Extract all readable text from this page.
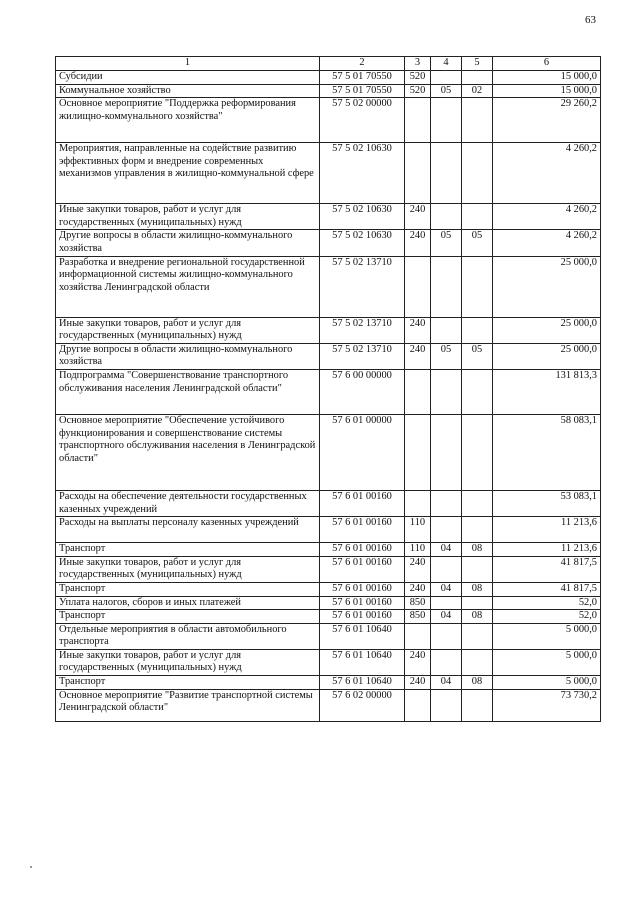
63
1	2	3	4	5	6
Субсидии	57 5 01 70550	520			15 000,0
Коммунальное хозяйство	57 5 01 70550	520	05	02	15 000,0
Основное мероприятие "Поддержка реформирования жилищно-коммунального хозяйства"	57 5 02 00000				29 260,2
Мероприятия, направленные на содействие развитию эффективных форм и внедрение современных механизмов управления в жилищно-коммунальной сфере	57 5 02 10630				4 260,2
Иные закупки товаров, работ и услуг для государственных (муниципальных) нужд	57 5 02 10630	240			4 260,2
Другие вопросы в области жилищно-коммунального хозяйства	57 5 02 10630	240	05	05	4 260,2
Разработка и внедрение региональной государственной информационной системы жилищно-коммунального хозяйства Ленинградской области	57 5 02 13710				25 000,0
Иные закупки товаров, работ и услуг для государственных (муниципальных) нужд	57 5 02 13710	240			25 000,0
Другие вопросы в области жилищно-коммунального хозяйства	57 5 02 13710	240	05	05	25 000,0
Подпрограмма "Совершенствование транспортного обслуживания населения Ленинградской области"	57 6 00 00000				131 813,3
Основное мероприятие "Обеспечение устойчивого функционирования и совершенствование системы транспортного обслуживания населения в Ленинградской области"	57 6 01 00000				58 083,1
Расходы на обеспечение деятельности государственных казенных учреждений	57 6 01 00160				53 083,1
Расходы на выплаты персоналу казенных учреждений	57 6 01 00160	110			11 213,6
Транспорт	57 6 01 00160	110	04	08	11 213,6
Иные закупки товаров, работ и услуг для государственных (муниципальных) нужд	57 6 01 00160	240			41 817,5
Транспорт	57 6 01 00160	240	04	08	41 817,5
Уплата налогов, сборов и иных платежей	57 6 01 00160	850			52,0
Транспорт	57 6 01 00160	850	04	08	52,0
Отдельные мероприятия в области автомобильного транспорта	57 6 01 10640				5 000,0
Иные закупки товаров, работ и услуг для государственных (муниципальных) нужд	57 6 01 10640	240			5 000,0
Транспорт	57 6 01 10640	240	04	08	5 000,0
Основное мероприятие "Развитие транспортной системы Ленинградской области"	57 6 02 00000				73 730,2
